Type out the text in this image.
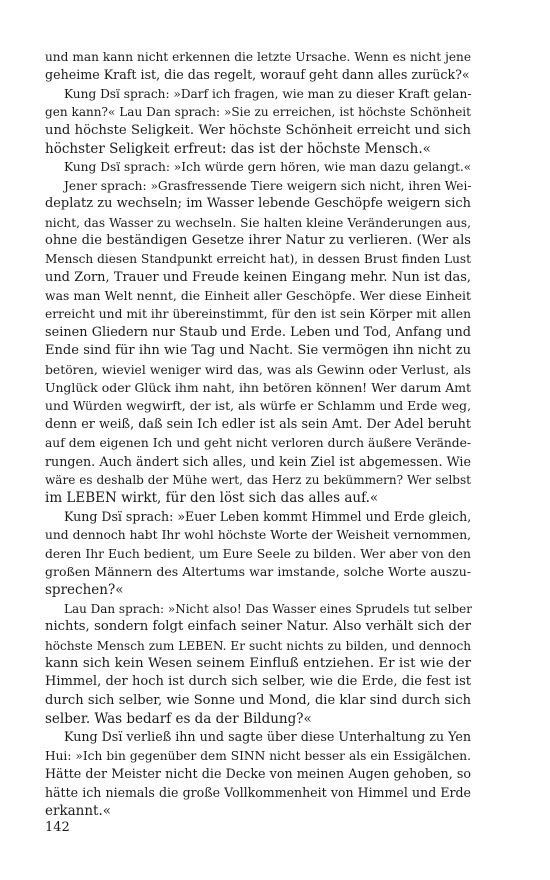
und man kann nicht erkennen die letzte Ursache. Wenn es nicht jene
geheime Kraft ist, die das regelt, worauf geht dann alles zurück?«
Kung Dsï sprach: »Darf ich fragen, wie man zu dieser Kraft gelan-
gen kann?« Lau Dan sprach: »Sie zu erreichen, ist höchste Schönheit
und höchste Seligkeit. Wer höchste Schönheit erreicht und sich
höchster Seligkeit erfreut: das ist der höchste Mensch.«
Kung Dsï sprach: »Ich würde gern hören, wie man dazu gelangt.«
Jener sprach: »Grasfressende Tiere weigern sich nicht, ihren Wei-
deplatz zu wechseln; im Wasser lebende Geschöpfe weigern sich
nicht, das Wasser zu wechseln. Sie halten kleine Veränderungen aus,
ohne die beständigen Gesetze ihrer Natur zu verlieren. (Wer als
Mensch diesen Standpunkt erreicht hat), in dessen Brust finden Lust
und Zorn, Trauer und Freude keinen Eingang mehr. Nun ist das,
was man Welt nennt, die Einheit aller Geschöpfe. Wer diese Einheit
erreicht und mit ihr übereinstimmt, für den ist sein Körper mit allen
seinen Gliedern nur Staub und Erde. Leben und Tod, Anfang und
Ende sind für ihn wie Tag und Nacht. Sie vermögen ihn nicht zu
betören, wieviel weniger wird das, was als Gewinn oder Verlust, als
Unglück oder Glück ihm naht, ihn betören können! Wer darum Amt
und Würden wegwirft, der ist, als würfe er Schlamm und Erde weg,
denn er weiß, daß sein Ich edler ist als sein Amt. Der Adel beruht
auf dem eigenen Ich und geht nicht verloren durch äußere Verände-
rungen. Auch ändert sich alles, und kein Ziel ist abgemessen. Wie
wäre es deshalb der Mühe wert, das Herz zu bekümmern? Wer selbst
im LEBEN wirkt, für den löst sich das alles auf.«
Kung Dsï sprach: »Euer Leben kommt Himmel und Erde gleich,
und dennoch habt Ihr wohl höchste Worte der Weisheit vernommen,
deren Ihr Euch bedient, um Eure Seele zu bilden. Wer aber von den
großen Männern des Altertums war imstande, solche Worte auszu-
sprechen?«
Lau Dan sprach: »Nicht also! Das Wasser eines Sprudels tut selber
nichts, sondern folgt einfach seiner Natur. Also verhält sich der
höchste Mensch zum LEBEN. Er sucht nichts zu bilden, und dennoch
kann sich kein Wesen seinem Einfluß entziehen. Er ist wie der
Himmel, der hoch ist durch sich selber, wie die Erde, die fest ist
durch sich selber, wie Sonne und Mond, die klar sind durch sich
selber. Was bedarf es da der Bildung?«
Kung Dsï verließ ihn und sagte über diese Unterhaltung zu Yen
Hui: »Ich bin gegenüber dem SINN nicht besser als ein Essigälchen.
Hätte der Meister nicht die Decke von meinen Augen gehoben, so
hätte ich niemals die große Vollkommenheit von Himmel und Erde
erkannt.«
142
